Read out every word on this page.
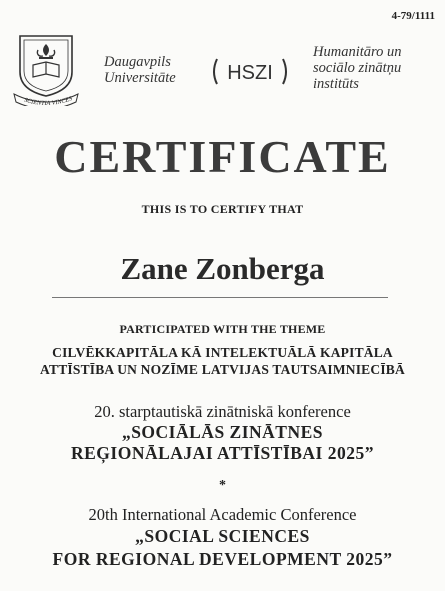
4-79/1111
SCIENTIA VINCES
Daugavpils
Universitāte	HSZI
Humanitāro un
sociālo zinātņu
institūts
CERTIFICATE
THIS IS TO CERTIFY THAT
Zane Zonberga
PARTICIPATED WITH THE THEME
CILVĒKKAPITĀLA KĀ INTELEKTUĀLĀ KAPITĀLA
ATTĪSTĪBA UN NOZĪME LATVIJAS TAUTSAIMNIECĪBĀ
20. starptautiskā zinātniskā konference
„SOCIĀLĀS ZINĀTNES
REĢIONĀLAJAI ATTĪSTĪBAI 2025”
*
20th International Academic Conference
„SOCIAL SCIENCES
FOR REGIONAL DEVELOPMENT 2025”
